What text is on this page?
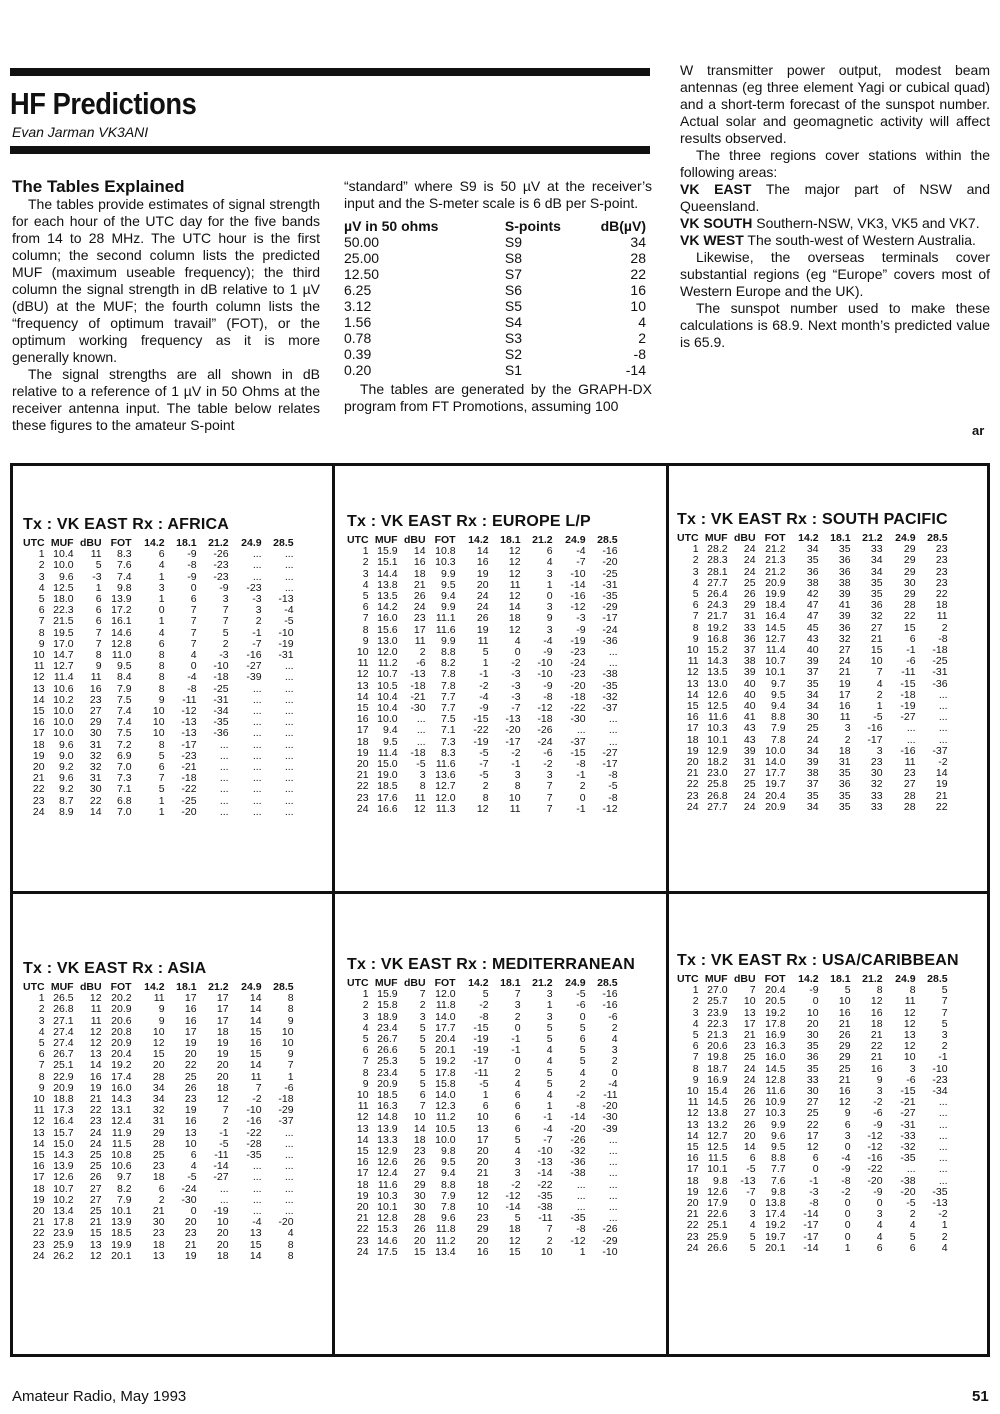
HF Predictions
Evan Jarman VK3ANI

The Tables Explained

The tables provide estimates of signal strength for each hour of the UTC day for the five bands from 14 to 28 MHz. The UTC hour is the first column; the second column lists the predicted MUF (maximum useable frequency); the third column the signal strength in dB relative to 1 µV (dBU) at the MUF; the fourth column lists the “frequency of optimum travail” (FOT), or the optimum working frequency as it is more generally known.

The signal strengths are all shown in dB relative to a reference of 1 µV in 50 Ohms at the receiver antenna input. The table below relates these figures to the amateur S-point

“standard” where S9 is 50 µV at the receiver’s input and the S-meter scale is 6 dB per S-point.

µV in 50 ohms	S-points	dB(µV)
50.00	S9	34
25.00	S8	28
12.50	S7	22
6.25	S6	16
3.12	S5	10
1.56	S4	4
0.78	S3	2
0.39	S2	-8
0.20	S1	-14

The tables are generated by the GRAPH-DX program from FT Promotions, assuming 100

W transmitter power output, modest beam antennas (eg three element Yagi or cubical quad) and a short-term forecast of the sunspot number. Actual solar and geomagnetic activity will affect results observed.

The three regions cover stations within the following areas:

VK EAST The major part of NSW and Queensland.

VK SOUTH Southern-NSW, VK3, VK5 and VK7.

VK WEST The south-west of Western Australia.

Likewise, the overseas terminals cover substantial regions (eg “Europe” covers most of Western Europe and the UK).

The sunspot number used to make these calculations is 68.9. Next month’s predicted value is 65.9.

ar
Tx : VK EAST Rx : AFRICA
UTC	MUF	dBU	FOT	14.2	18.1	21.2	24.9	28.5
1	10.4	11	8.3	6	-9	-26	...	...
2	10.0	5	7.6	4	-8	-23	...	...
3	9.6	-3	7.4	1	-9	-23	...	...
4	12.5	1	9.8	3	0	-9	-23	...
5	18.0	6	13.9	1	6	3	-3	-13
6	22.3	6	17.2	0	7	7	3	-4
7	21.5	6	16.1	1	7	7	2	-5
8	19.5	7	14.6	4	7	5	-1	-10
9	17.0	7	12.8	6	7	2	-7	-19
10	14.7	8	11.0	8	4	-3	-16	-31
11	12.7	9	9.5	8	0	-10	-27	...
12	11.4	11	8.4	8	-4	-18	-39	...
13	10.6	16	7.9	8	-8	-25	...	...
14	10.2	23	7.5	9	-11	-31	...	...
15	10.0	27	7.4	10	-12	-34	...	...
16	10.0	29	7.4	10	-13	-35	...	...
17	10.0	30	7.5	10	-13	-36	...	...
18	9.6	31	7.2	8	-17	...	...	...
19	9.0	32	6.9	5	-23	...	...	...
20	9.2	32	7.0	6	-21	...	...	...
21	9.6	31	7.3	7	-18	...	...	...
22	9.2	30	7.1	5	-22	...	...	...
23	8.7	22	6.8	1	-25	...	...	...
24	8.9	14	7.0	1	-20	...	...	...
Tx : VK EAST Rx : EUROPE L/P
UTC	MUF	dBU	FOT	14.2	18.1	21.2	24.9	28.5
1	15.9	14	10.8	14	12	6	-4	-16
2	15.1	16	10.3	16	12	4	-7	-20
3	14.4	18	9.9	19	12	3	-10	-25
4	13.8	21	9.5	20	11	1	-14	-31
5	13.5	26	9.4	24	12	0	-16	-35
6	14.2	24	9.9	24	14	3	-12	-29
7	16.0	23	11.1	26	18	9	-3	-17
8	15.6	17	11.6	19	12	3	-9	-24
9	13.0	11	9.9	11	4	-4	-19	-36
10	12.0	2	8.8	5	0	-9	-23	...
11	11.2	-6	8.2	1	-2	-10	-24	...
12	10.7	-13	7.8	-1	-3	-10	-23	-38
13	10.5	-18	7.8	-2	-3	-9	-20	-35
14	10.4	-21	7.7	-4	-3	-8	-18	-32
15	10.4	-30	7.7	-9	-7	-12	-22	-37
16	10.0	...	7.5	-15	-13	-18	-30	...
17	9.4	...	7.1	-22	-20	-26	...	...
18	9.5	...	7.3	-19	-17	-24	-37	...
19	11.4	-18	8.3	-5	-2	-6	-15	-27
20	15.0	-5	11.6	-7	-1	-2	-8	-17
21	19.0	3	13.6	-5	3	3	-1	-8
22	18.5	8	12.7	2	8	7	2	-5
23	17.6	11	12.0	8	10	7	0	-8
24	16.6	12	11.3	12	11	7	-1	-12
Tx : VK EAST Rx : SOUTH PACIFIC
UTC	MUF	dBU	FOT	14.2	18.1	21.2	24.9	28.5
1	28.2	24	21.2	34	35	33	29	23
2	28.3	24	21.3	35	36	34	29	23
3	28.1	24	21.2	36	36	34	29	23
4	27.7	25	20.9	38	38	35	30	23
5	26.4	26	19.9	42	39	35	29	22
6	24.3	29	18.4	47	41	36	28	18
7	21.7	31	16.4	47	39	32	22	11
8	19.2	33	14.5	45	36	27	15	2
9	16.8	36	12.7	43	32	21	6	-8
10	15.2	37	11.4	40	27	15	-1	-18
11	14.3	38	10.7	39	24	10	-6	-25
12	13.5	39	10.1	37	21	7	-11	-31
13	13.0	40	9.7	35	19	4	-15	-36
14	12.6	40	9.5	34	17	2	-18	...
15	12.5	40	9.4	34	16	1	-19	...
16	11.6	41	8.8	30	11	-5	-27	...
17	10.3	43	7.9	25	3	-16	...	...
18	10.1	43	7.8	24	2	-17	...	...
19	12.9	39	10.0	34	18	3	-16	-37
20	18.2	31	14.0	39	31	23	11	-2
21	23.0	27	17.7	38	35	30	23	14
22	25.8	25	19.7	37	36	32	27	19
23	26.8	24	20.4	35	35	33	28	21
24	27.7	24	20.9	34	35	33	28	22
Tx : VK EAST Rx : ASIA
UTC	MUF	dBU	FOT	14.2	18.1	21.2	24.9	28.5
1	26.5	12	20.2	11	17	17	14	8
2	26.8	11	20.9	9	16	17	14	8
3	27.1	11	20.6	9	16	17	14	9
4	27.4	12	20.8	10	17	18	15	10
5	27.4	12	20.9	12	19	19	16	10
6	26.7	13	20.4	15	20	19	15	9
7	25.1	14	19.2	20	22	20	14	7
8	22.9	16	17.4	28	25	20	11	1
9	20.9	19	16.0	34	26	18	7	-6
10	18.8	21	14.3	34	23	12	-2	-18
11	17.3	22	13.1	32	19	7	-10	-29
12	16.4	23	12.4	31	16	2	-16	-37
13	15.7	24	11.9	29	13	-1	-22	...
14	15.0	24	11.5	28	10	-5	-28	...
15	14.3	25	10.8	25	6	-11	-35	...
16	13.9	25	10.6	23	4	-14	...	...
17	12.6	26	9.7	18	-5	-27	...	...
18	10.7	27	8.2	6	-24	...	...	...
19	10.2	27	7.9	2	-30	...	...	...
20	13.4	25	10.1	21	0	-19	...	...
21	17.8	21	13.9	30	20	10	-4	-20
22	23.9	15	18.5	23	23	20	13	4
23	25.9	13	19.9	18	21	20	15	8
24	26.2	12	20.1	13	19	18	14	8
Tx : VK EAST Rx : MEDITERRANEAN
UTC	MUF	dBU	FOT	14.2	18.1	21.2	24.9	28.5
1	15.9	7	12.0	5	7	3	-5	-16
2	15.8	2	11.8	-2	3	1	-6	-16
3	18.9	3	14.0	-8	2	3	0	-6
4	23.4	5	17.7	-15	0	5	5	2
5	26.7	5	20.4	-19	-1	5	6	4
6	26.6	5	20.1	-19	-1	4	5	3
7	25.3	5	19.2	-17	0	4	5	2
8	23.4	5	17.8	-11	2	5	4	0
9	20.9	5	15.8	-5	4	5	2	-4
10	18.5	6	14.0	1	6	4	-2	-11
11	16.3	7	12.3	6	6	1	-8	-20
12	14.8	10	11.2	10	6	-1	-14	-30
13	13.9	14	10.5	13	6	-4	-20	-39
14	13.3	18	10.0	17	5	-7	-26	...
15	12.9	23	9.8	20	4	-10	-32	...
16	12.6	26	9.5	20	3	-13	-36	...
17	12.4	27	9.4	21	3	-14	-38	...
18	11.6	29	8.8	18	-2	-22	...	...
19	10.3	30	7.9	12	-12	-35	...	...
20	10.1	30	7.8	10	-14	-38	...	...
21	12.8	28	9.6	23	5	-11	-35	...
22	15.3	26	11.8	29	18	7	-8	-26
23	14.6	20	11.2	20	12	2	-12	-29
24	17.5	15	13.4	16	15	10	1	-10
Tx : VK EAST Rx : USA/CARIBBEAN
UTC	MUF	dBU	FOT	14.2	18.1	21.2	24.9	28.5
1	27.0	7	20.4	-9	5	8	8	5
2	25.7	10	20.5	0	10	12	11	7
3	23.9	13	19.2	10	16	16	12	7
4	22.3	17	17.8	20	21	18	12	5
5	21.3	21	16.9	30	26	21	13	3
6	20.6	23	16.3	35	29	22	12	2
7	19.8	25	16.0	36	29	21	10	-1
8	18.7	24	14.5	35	25	16	3	-10
9	16.9	24	12.8	33	21	9	-6	-23
10	15.4	26	11.6	30	16	3	-15	-34
11	14.5	26	10.9	27	12	-2	-21	...
12	13.8	27	10.3	25	9	-6	-27	...
13	13.2	26	9.9	22	6	-9	-31	...
14	12.7	20	9.6	17	3	-12	-33	...
15	12.5	14	9.5	12	0	-12	-32	...
16	11.5	6	8.8	6	-4	-16	-35	...
17	10.1	-5	7.7	0	-9	-22	...	...
18	9.8	-13	7.6	-1	-8	-20	-38	...
19	12.6	-7	9.8	-3	-2	-9	-20	-35
20	17.9	0	13.8	-8	0	0	-5	-13
21	22.6	3	17.4	-14	0	3	2	-2
22	25.1	4	19.2	-17	0	4	4	1
23	25.9	5	19.7	-17	0	4	5	2
24	26.6	5	20.1	-14	1	6	6	4
Amateur Radio, May 1993	51
